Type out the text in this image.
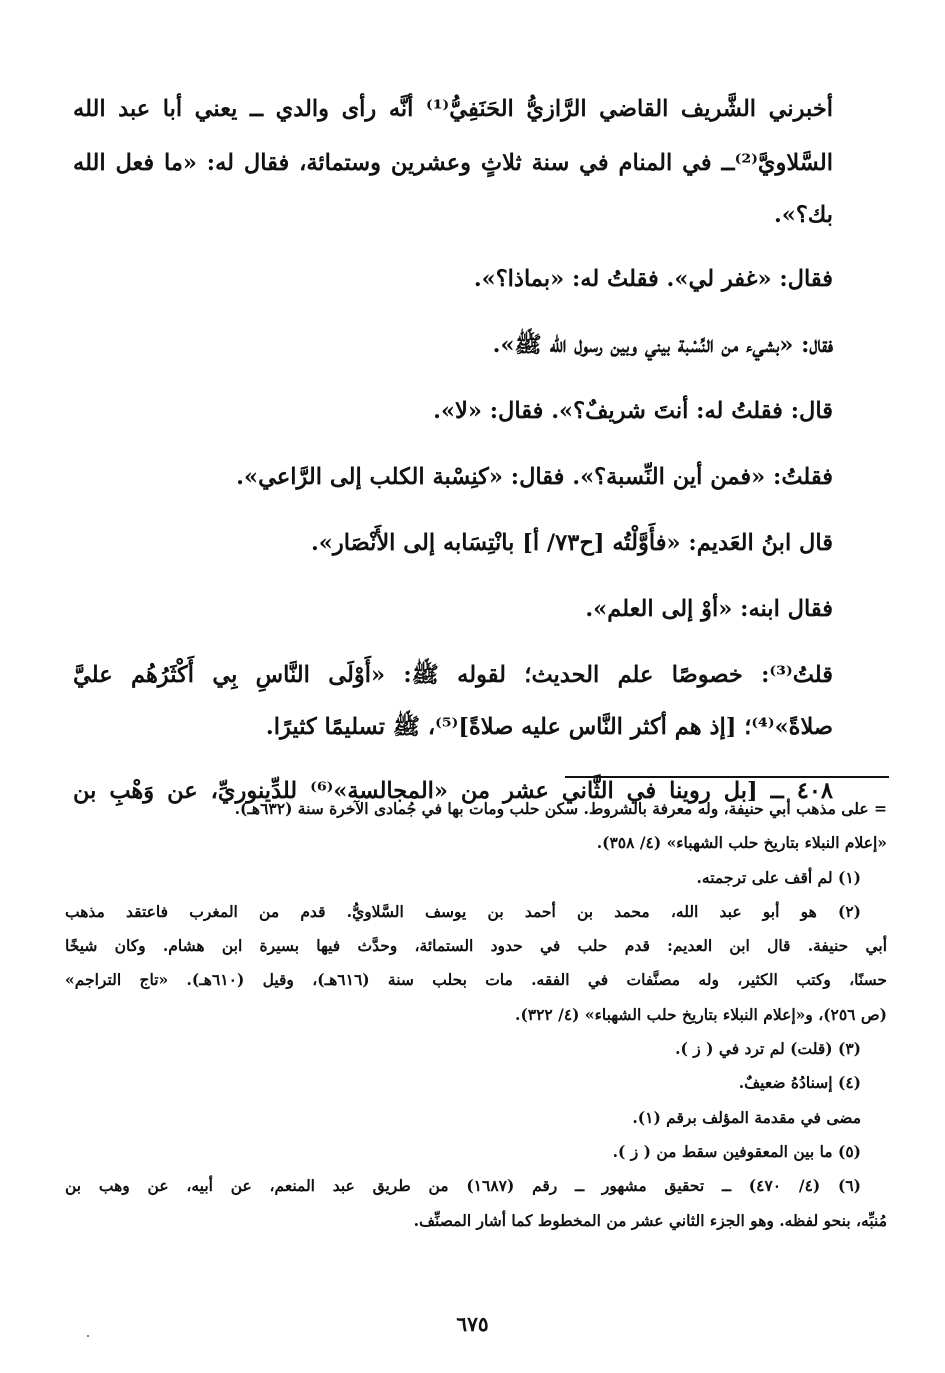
أخبرني الشَّريف القاضي الرَّازيُّ الحَنَفِيُّ⁽¹⁾ أنَّه رأى والدي ــ يعني أبا عبد الله

السَّلاويَّ⁽²⁾ــ في المنام في سنة ثلاثٍ وعشرين وستمائة، فقال له: «ما فعل الله

بك؟».

فقال: «غفر لي». فقلتُ له: «بماذا؟».

فقال: «بشيء من النِّسْبة بيني وبين رسول الله ﷺ».

قال: فقلتُ له: أنتَ شريفٌ؟». فقال: «لا».

فقلتُ: «فمن أين النِّسبة؟». فقال: «كنِسْبة الكلب إلى الرَّاعي».

قال ابنُ العَديم: «فأَوَّلْتُه [ح٧٣/ أ] بانْتِسَابه إلى الأَنْصَار».

فقال ابنه: «أوْ إلى العلم».

قلتُ⁽³⁾: خصوصًا علم الحديث؛ لقوله ﷺ: «أَوْلَى النَّاسِ بِي أَكْثَرُهُم عليَّ

صلاةً»⁽⁴⁾؛ [إذ هم أكثر النَّاس عليه صلاةً]⁽⁵⁾، ﷺ تسليمًا كثيرًا.

٤٠٨ ــ [بل روينا في الثَّاني عشر من «المجالسة»⁽⁶⁾ للدِّينوريِّ، عن وَهْبِ بن

= على مذهب أبي حنيفة، وله معرفة بالشروط. سكن حلب ومات بها في جُمادى الآخرة سنة (٦٣٢هـ).

«إعلام النبلاء بتاريخ حلب الشهباء» (٤/ ٣٥٨).

(١) لم أقف على ترجمته.

(٢) هو أبو عبد الله، محمد بن أحمد بن يوسف السَّلاويُّ. قدم من المغرب فاعتقد مذهب

أبي حنيفة. قال ابن العديم: قدم حلب في حدود الستمائة، وحدَّث فيها بسيرة ابن هشام. وكان شيخًا

حسنًا، وكتب الكثير، وله مصنَّفات في الفقه. مات بحلب سنة (٦١٦هـ)، وقيل (٦١٠هـ). «تاج التراجم»

(ص ٢٥٦)، و«إعلام النبلاء بتاريخ حلب الشهباء» (٤/ ٣٢٢).

(٣) (قلت) لم ترد في ( ز ).

(٤) إسنادُهُ ضعيفٌ.

مضى في مقدمة المؤلف برقم (١).

(٥) ما بين المعقوفين سقط من ( ز ).

(٦) (٤/ ٤٧٠) ــ تحقيق مشهور ــ رقم (١٦٨٧) من طريق عبد المنعم، عن أبيه، عن وهب بن

مُنبِّه، بنحو لفظه. وهو الجزء الثاني عشر من المخطوط كما أشار المصنِّف.

٦٧٥
